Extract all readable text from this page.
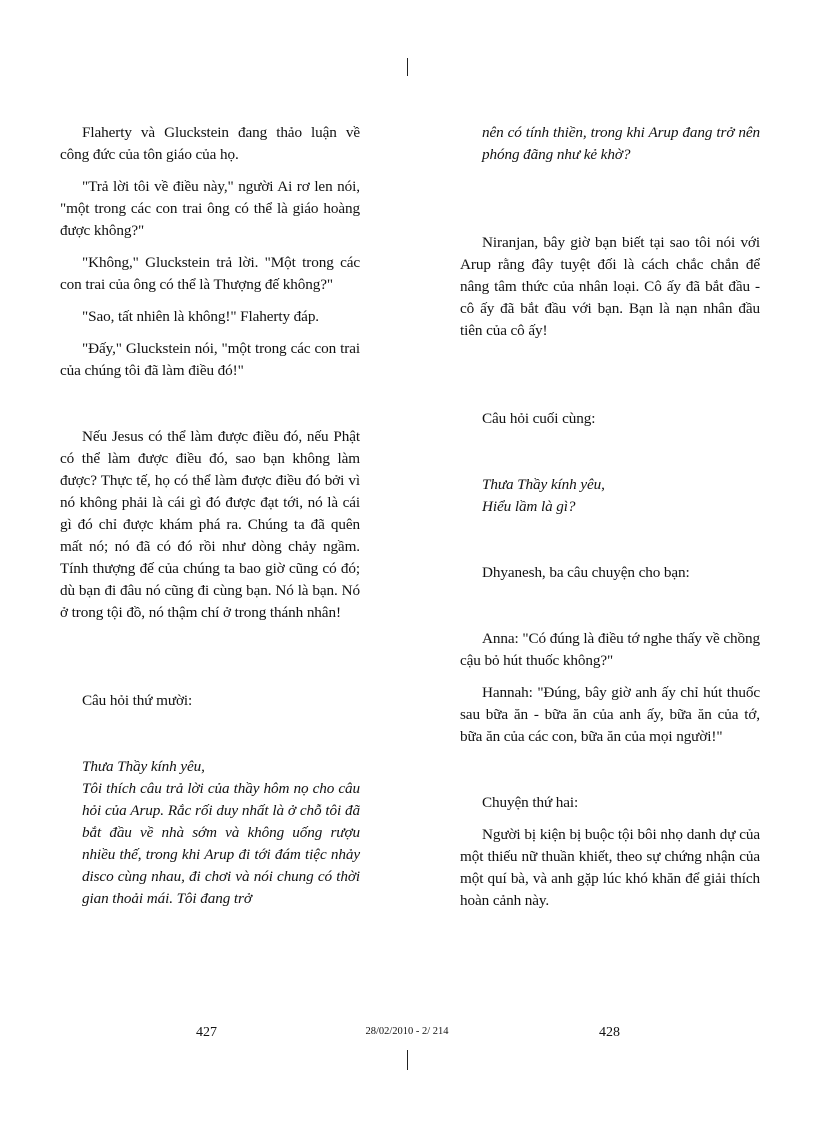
Flaherty và Gluckstein đang thảo luận về công đức của tôn giáo của họ.

"Trả lời tôi về điều này," người Ai rơ len nói, "một trong các con trai ông có thể là giáo hoàng được không?"

"Không," Gluckstein trả lời. "Một trong các con trai của ông có thể là Thượng đế không?"

"Sao, tất nhiên là không!" Flaherty đáp.

"Đấy," Gluckstein nói, "một trong các con trai của chúng tôi đã làm điều đó!"

Nếu Jesus có thể làm được điều đó, nếu Phật có thể làm được điều đó, sao bạn không làm được? Thực tế, họ có thể làm được điều đó bởi vì nó không phải là cái gì đó được đạt tới, nó là cái gì đó chỉ được khám phá ra. Chúng ta đã quên mất nó; nó đã có đó rồi như dòng chảy ngầm. Tính thượng đế của chúng ta bao giờ cũng có đó; dù bạn đi đâu nó cũng đi cùng bạn. Nó là bạn. Nó ở trong tội đồ, nó thậm chí ở trong thánh nhân!

Câu hỏi thứ mười:

Thưa Thầy kính yêu,

Tôi thích câu trả lời của thầy hôm nọ cho câu hỏi của Arup. Rắc rối duy nhất là ở chỗ tôi đã bắt đầu về nhà sớm và không uống rượu nhiều thế, trong khi Arup đi tới đám tiệc nhảy disco cùng nhau, đi chơi và nói chung có thời gian thoải mái. Tôi đang trở

nên có tính thiền, trong khi Arup đang trở nên phóng đãng như kẻ khờ?

Niranjan, bây giờ bạn biết tại sao tôi nói với Arup rằng đây tuyệt đối là cách chắc chắn để nâng tâm thức của nhân loại. Cô ấy đã bắt đầu - cô ấy đã bắt đầu với bạn. Bạn là nạn nhân đầu tiên của cô ấy!

Câu hỏi cuối cùng:

Thưa Thầy kính yêu,

Hiểu lầm là gì?

Dhyanesh, ba câu chuyện cho bạn:

Anna: "Có đúng là điều tớ nghe thấy về chồng cậu bỏ hút thuốc không?"

Hannah: "Đúng, bây giờ anh ấy chỉ hút thuốc sau bữa ăn - bữa ăn của anh ấy, bữa ăn của tớ, bữa ăn của các con, bữa ăn của mọi người!"

Chuyện thứ hai:

Người bị kiện bị buộc tội bôi nhọ danh dự của một thiếu nữ thuần khiết, theo sự chứng nhận của một quí bà, và anh gặp lúc khó khăn để giải thích hoàn cảnh này.

427	28/02/2010 - 2/ 214	428
